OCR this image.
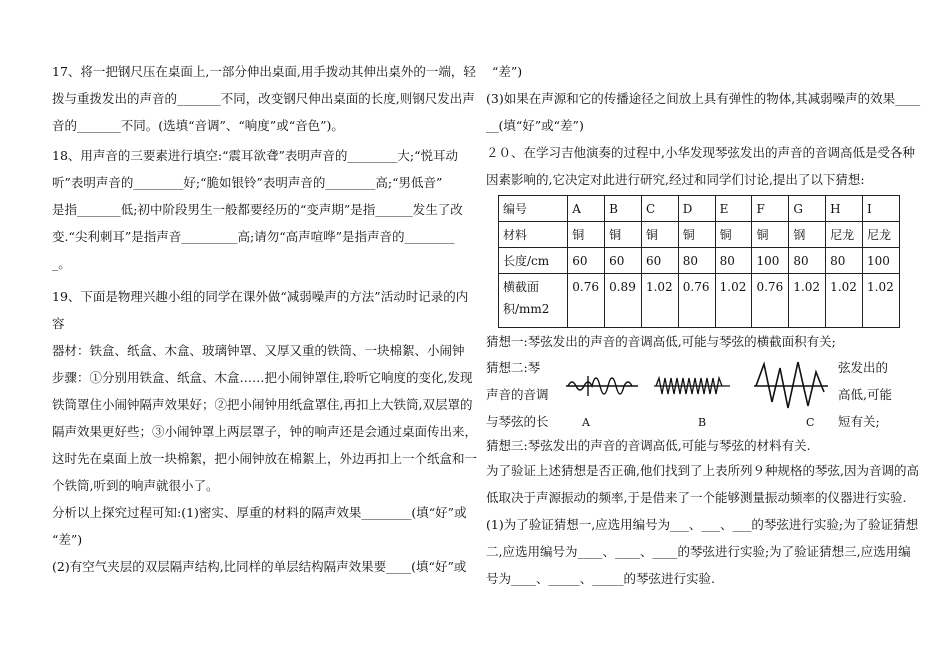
17、将一把钢尺压在桌面上,一部分伸出桌面,用手拨动其伸出桌外的一端，轻
拨与重拨发出的声音的_______不同，改变钢尺伸出桌面的长度,则钢尺发出声
音的_______不同。(选填“音调”、“响度”或“音色”)。
18、用声音的三要素进行填空:“震耳欲聋”表明声音的________大;“悦耳动
听”表明声音的________好;“脆如银铃”表明声音的________高;“男低音”
是指_______低;初中阶段男生一般都要经历的“变声期”是指______发生了改
变.“尖利刺耳”是指声音_________高;请勿“高声喧哗”是指声音的________
_。
19、下面是物理兴趣小组的同学在课外做“减弱噪声的方法”活动时记录的内
容
器材：铁盒、纸盒、木盒、玻璃钟罩、又厚又重的铁筒、一块棉絮、小闹钟
步骤：①分别用铁盒、纸盒、木盒……把小闹钟罩住,聆听它响度的变化,发现
铁筒罩住小闹钟隔声效果好；②把小闹钟用纸盒罩住,再扣上大铁筒,双层罩的
隔声效果更好些；③小闹钟罩上两层罩子，钟的响声还是会通过桌面传出来，
这时先在桌面上放一块棉絮，把小闹钟放在棉絮上，外边再扣上一个纸盒和一
个铁筒,听到的响声就很小了。
分析以上探究过程可知:(1)密实、厚重的材料的隔声效果________(填“好”或
“差”)
(2)有空气夹层的双层隔声结构,比同样的单层结构隔声效果要____(填“好”或
“差”)
(3)如果在声源和它的传播途径之间放上具有弹性的物体,其减弱噪声的效果____
__(填“好”或“差”)
２０、在学习吉他演奏的过程中,小华发现琴弦发出的声音的音调高低是受各种
因素影响的,它决定对此进行研究,经过和同学们讨论,提出了以下猜想:
编号	A	B	C	D	E	F	G	H	I
材料	铜	铜	铜	铜	铜	铜	钢	尼龙	尼龙
长度/cm	60	60	60	80	80	100	80	80	100
横截面
积/mm2	0.76	0.89	1.02	0.76	1.02	0.76	1.02	1.02	1.02
猜想一:琴弦发出的声音的音调高低,可能与琴弦的横截面积有关;
猜想二:琴
声音的音调
与琴弦的长
弦发出的
高低,可能
短有关;
A	B	C
猜想三:琴弦发出的声音的音调高低,可能与琴弦的材料有关.
为了验证上述猜想是否正确,他们找到了上表所列９种规格的琴弦,因为音调的高
低取决于声源振动的频率,于是借来了一个能够测量振动频率的仪器进行实验.
(1)为了验证猜想一,应选用编号为___、___、___的琴弦进行实验;为了验证猜想
二,应选用编号为____、____、____的琴弦进行实验;为了验证猜想三,应选用编
号为____、_____、_____的琴弦进行实验.
